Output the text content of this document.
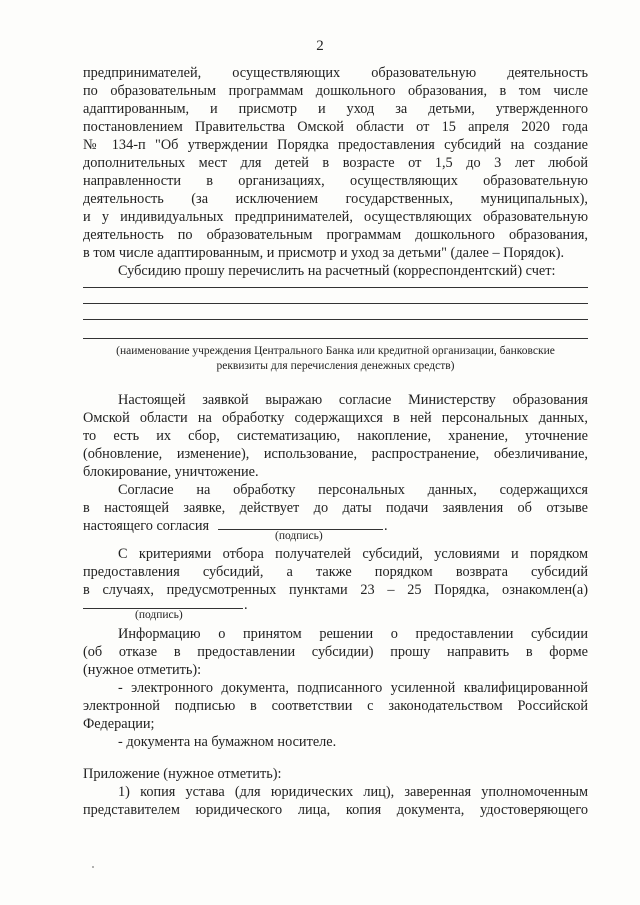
2
предпринимателей, осуществляющих образовательную деятельность
по образовательным программам дошкольного образования, в том числе
адаптированным, и присмотр и уход за детьми, утвержденного
постановлением Правительства Омской области от 15 апреля 2020 года
№ 134-п "Об утверждении Порядка предоставления субсидий на создание
дополнительных мест для детей в возрасте от 1,5 до 3 лет любой
направленности в организациях, осуществляющих образовательную
деятельность (за исключением государственных, муниципальных),
и у индивидуальных предпринимателей, осуществляющих образовательную
деятельность по образовательным программам дошкольного образования,
в том числе адаптированным, и присмотр и уход за детьми" (далее – Порядок).
Субсидию прошу перечислить на расчетный (корреспондентский) счет:
(наименование учреждения Центрального Банка или кредитной организации, банковские
реквизиты для перечисления денежных средств)
Настоящей заявкой выражаю согласие Министерству образования
Омской области на обработку содержащихся в ней персональных данных,
то есть их сбор, систематизацию, накопление, хранение, уточнение
(обновление, изменение), использование, распространение, обезличивание,
блокирование, уничтожение.
Согласие на обработку персональных данных, содержащихся
в настоящей заявке, действует до даты подачи заявления об отзыве
настоящего согласия	.
(подпись)
С критериями отбора получателей субсидий, условиями и порядком
предоставления субсидий, а также порядком возврата субсидий
в случаях, предусмотренных пунктами 23 – 25 Порядка, ознакомлен(а)
.
(подпись)
Информацию о принятом решении о предоставлении субсидии
(об отказе в предоставлении субсидии) прошу направить в форме
(нужное отметить):
- электронного документа, подписанного усиленной квалифицированной
электронной подписью в соответствии с законодательством Российской
Федерации;
- документа на бумажном носителе.
Приложение (нужное отметить):
1) копия устава (для юридических лиц), заверенная уполномоченным
представителем юридического лица, копия документа, удостоверяющего
